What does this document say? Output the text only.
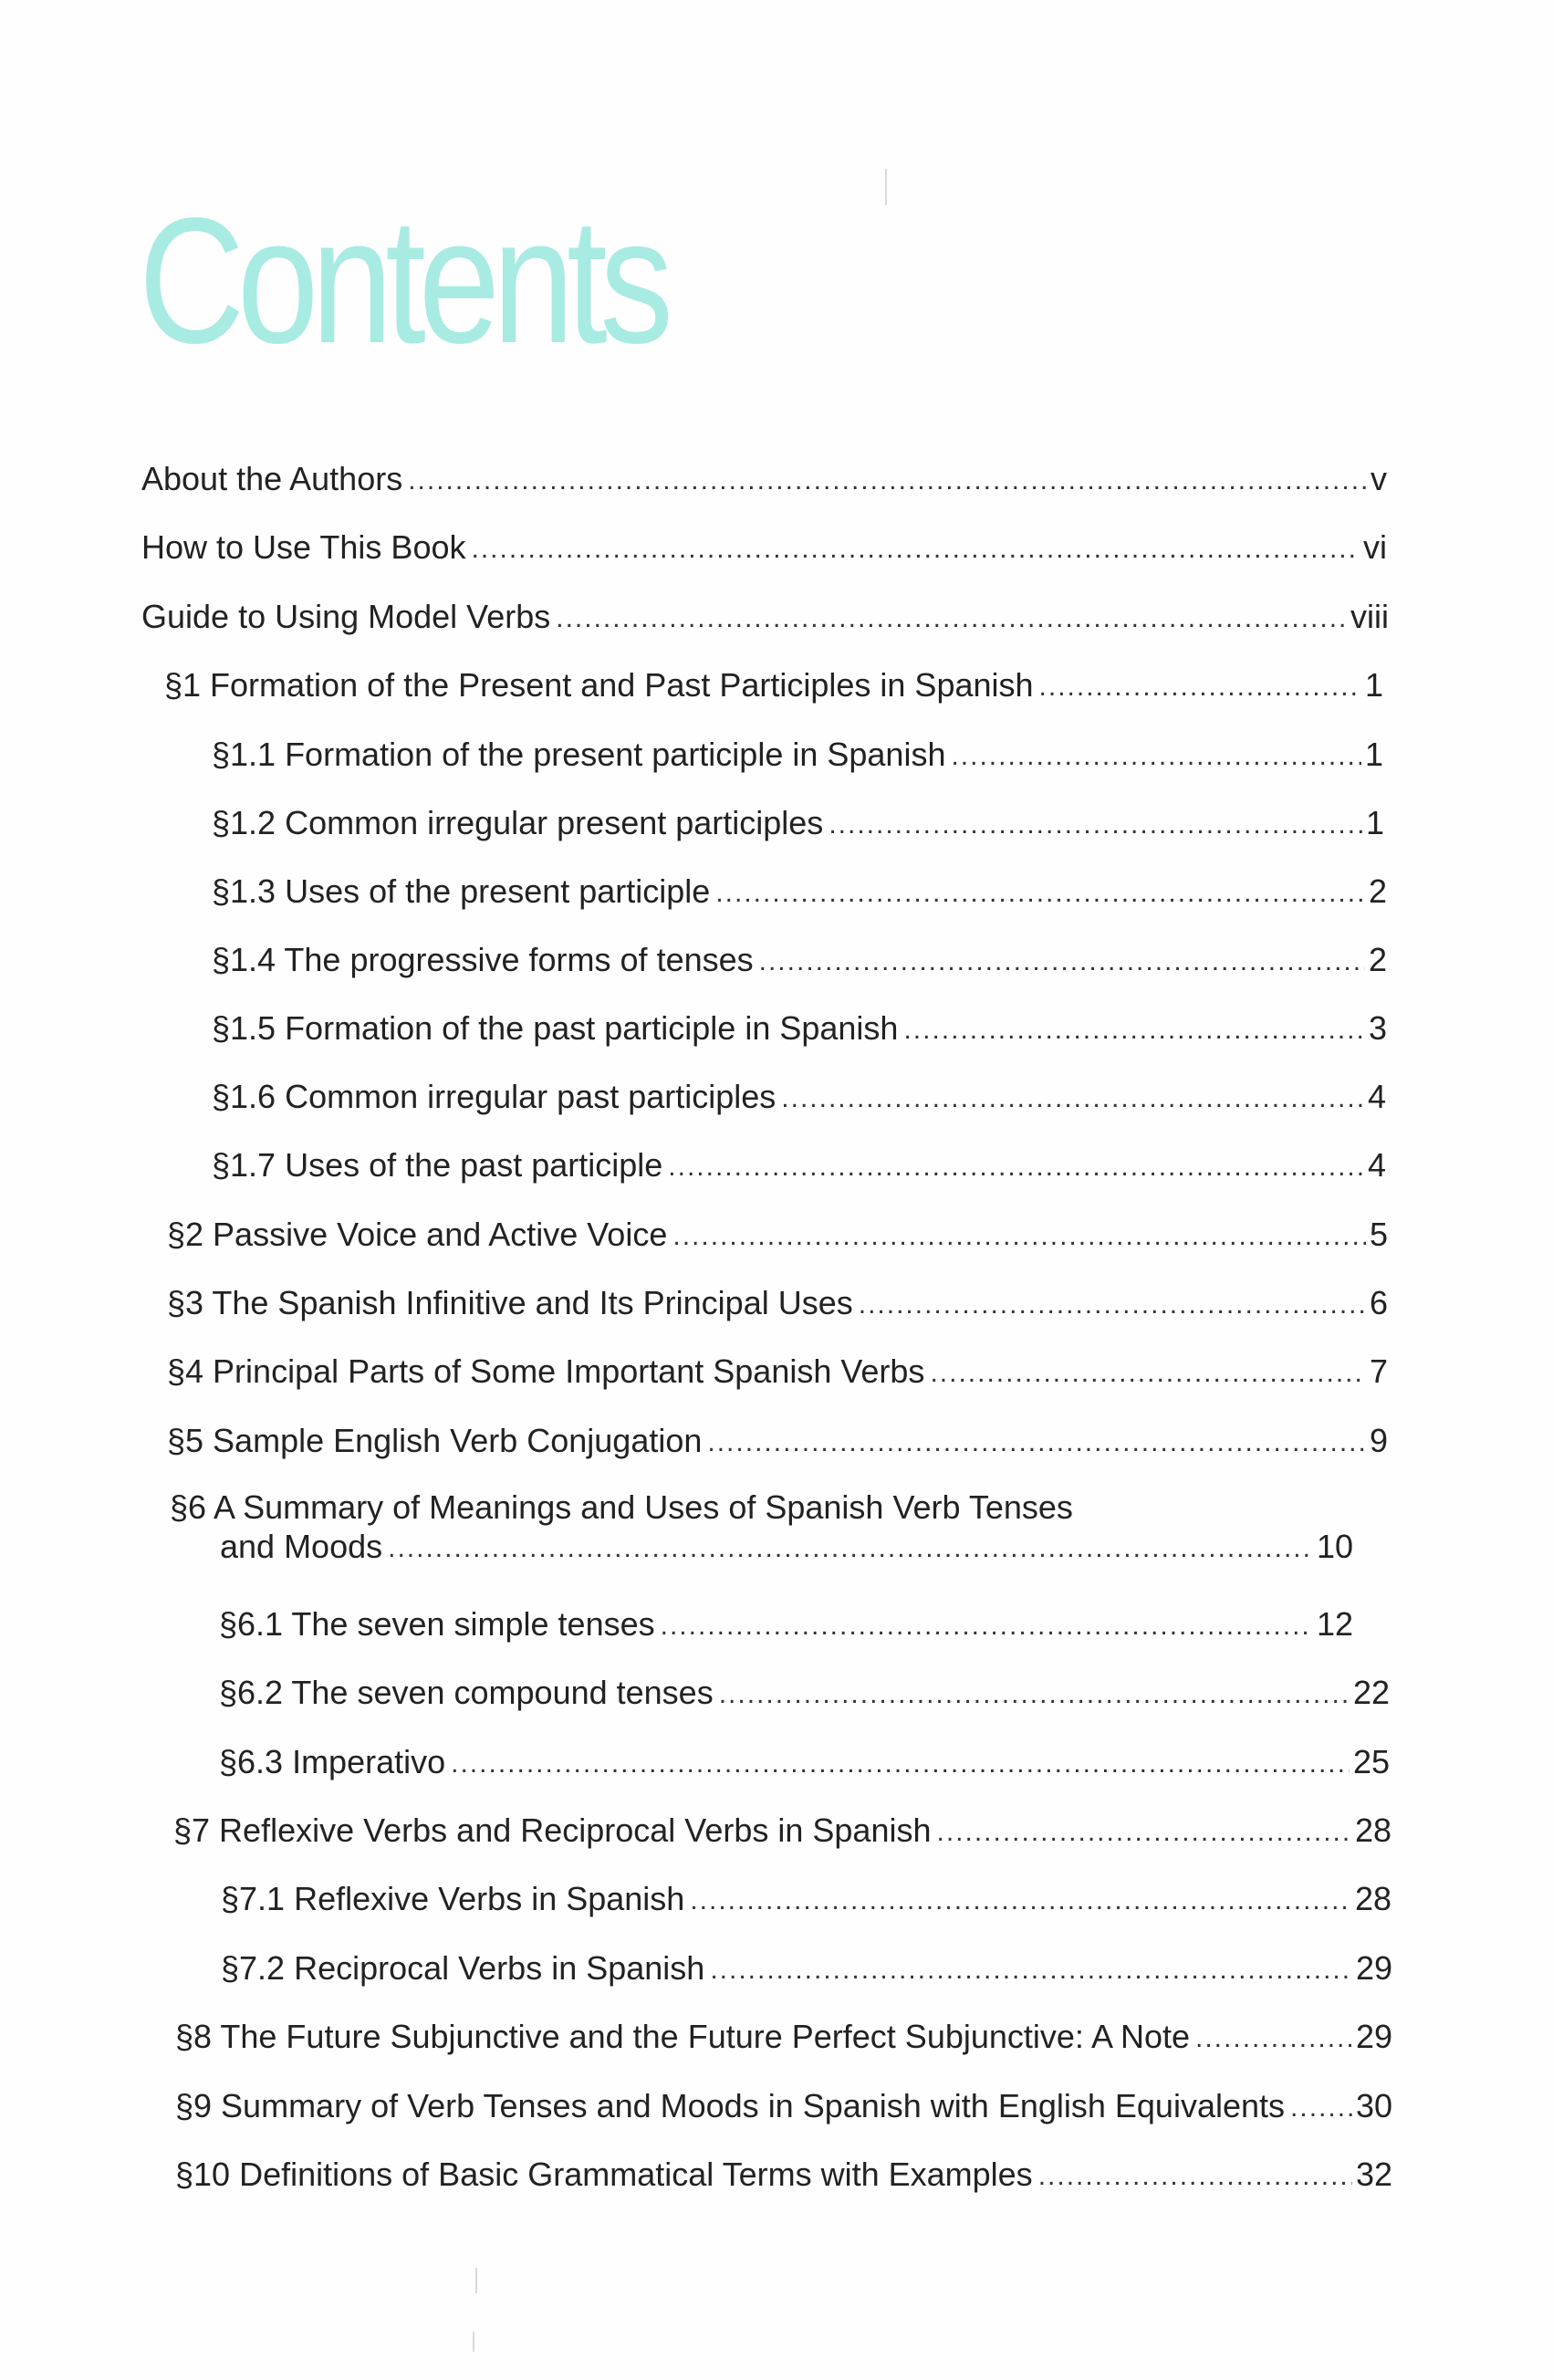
Contents
About the Authors .....	v
How to Use This Book .....	vi
Guide to Using Model Verbs .....	viii
§1 Formation of the Present and Past Participles in Spanish .....	1
§1.1 Formation of the present participle in Spanish .....	1
§1.2 Common irregular present participles .....	1
§1.3 Uses of the present participle .....	2
§1.4 The progressive forms of tenses .....	2
§1.5 Formation of the past participle in Spanish .....	3
§1.6 Common irregular past participles .....	4
§1.7 Uses of the past participle .....	4
§2 Passive Voice and Active Voice .....	5
§3 The Spanish Infinitive and Its Principal Uses .....	6
§4 Principal Parts of Some Important Spanish Verbs .....	7
§5 Sample English Verb Conjugation .....	9
§6 A Summary of Meanings and Uses of Spanish Verb Tenses
and Moods .....	10
§6.1 The seven simple tenses .....	12
§6.2 The seven compound tenses .....	22
§6.3 Imperativo .....	25
§7 Reflexive Verbs and Reciprocal Verbs in Spanish .....	28
§7.1 Reflexive Verbs in Spanish .....	28
§7.2 Reciprocal Verbs in Spanish .....	29
§8 The Future Subjunctive and the Future Perfect Subjunctive: A Note .....	29
§9 Summary of Verb Tenses and Moods in Spanish with English Equivalents ..... 30
§10 Definitions of Basic Grammatical Terms with Examples .....	32
